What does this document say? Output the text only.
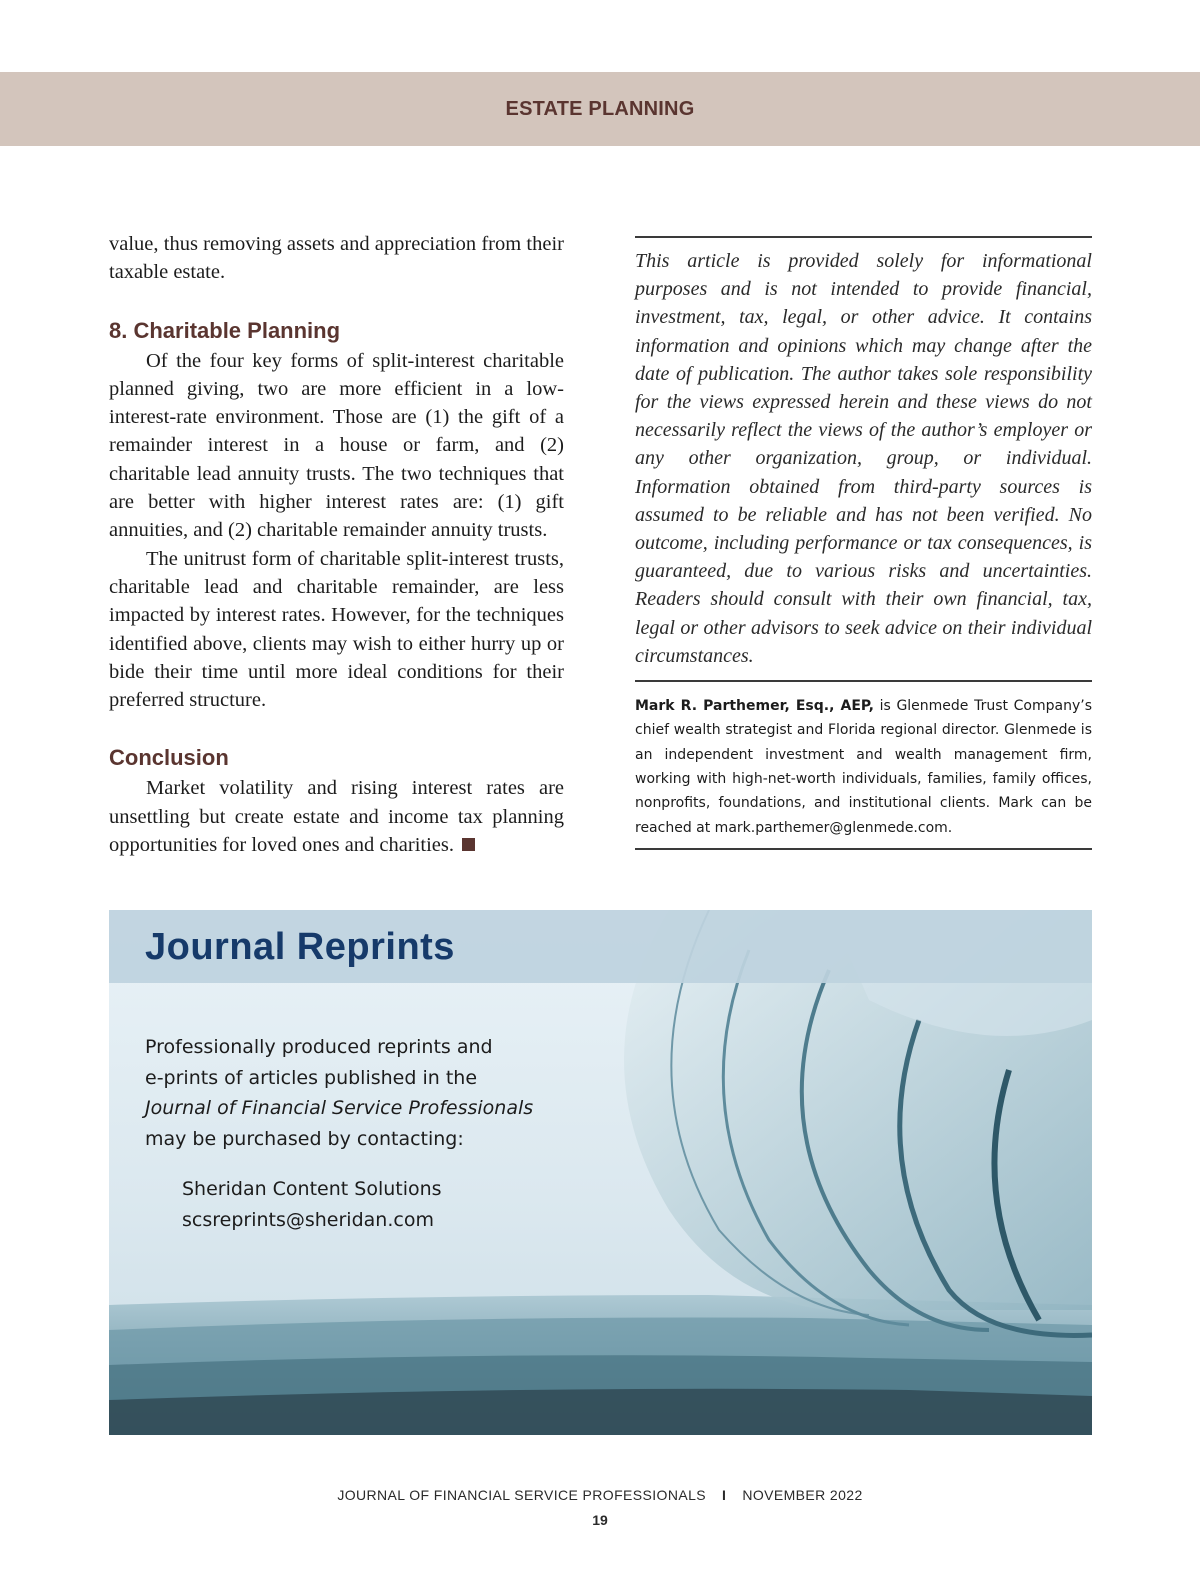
ESTATE PLANNING

value, thus removing assets and appreciation from their taxable estate.

8. Charitable Planning

Of the four key forms of split-interest charitable planned giving, two are more efficient in a low-interest-rate environment. Those are (1) the gift of a remainder interest in a house or farm, and (2) charitable lead annuity trusts. The two techniques that are better with higher interest rates are: (1) gift annuities, and (2) charitable remainder annuity trusts.

The unitrust form of charitable split-interest trusts, charitable lead and charitable remainder, are less impacted by interest rates. However, for the techniques identified above, clients may wish to either hurry up or bide their time until more ideal conditions for their preferred structure.

Conclusion

Market volatility and rising interest rates are unsettling but create estate and income tax planning opportunities for loved ones and charities.

This article is provided solely for informational purposes and is not intended to provide financial, investment, tax, legal, or other advice. It contains information and opinions which may change after the date of publication. The author takes sole responsibility for the views expressed herein and these views do not necessarily reflect the views of the author’s employer or any other organization, group, or individual. Information obtained from third-party sources is assumed to be reliable and has not been verified. No outcome, including performance or tax consequences, is guaranteed, due to various risks and uncertainties. Readers should consult with their own financial, tax, legal or other advisors to seek advice on their individual circumstances.

Mark R. Parthemer, Esq., AEP, is Glenmede Trust Company’s chief wealth strategist and Florida regional director. Glenmede is an independent investment and wealth management firm, working with high-net-worth individuals, families, family offices, nonprofits, foundations, and institutional clients. Mark can be reached at mark.parthemer@glenmede.com.

Journal Reprints
Professionally produced reprints and
e-prints of articles published in the
Journal of Financial Service Professionals
may be purchased by contacting:
Sheridan Content Solutions
scsreprints@sheridan.com
JOURNAL OF FINANCIAL SERVICE PROFESSIONALS I NOVEMBER 2022
19
